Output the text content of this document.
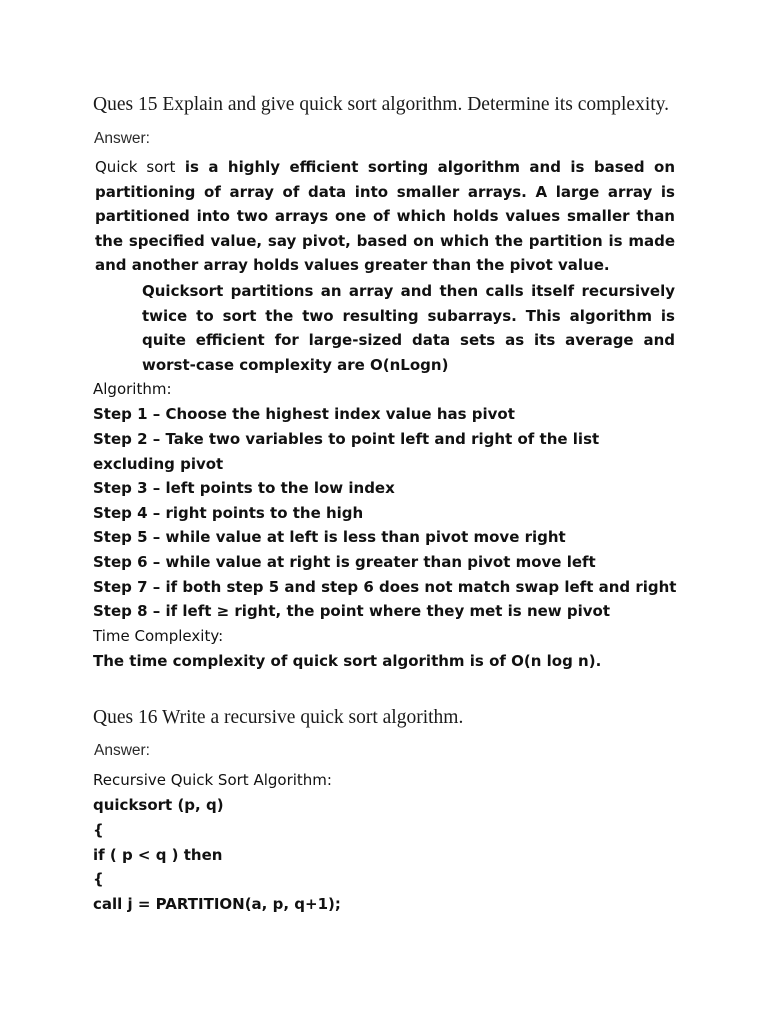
Ques 15 Explain and give quick sort algorithm. Determine its complexity.
Answer:
Quick sort is a highly efficient sorting algorithm and is based on partitioning of array of data into smaller arrays. A large array is partitioned into two arrays one of which holds values smaller than the specified value, say pivot, based on which the partition is made and another array holds values greater than the pivot value.
Quicksort partitions an array and then calls itself recursively twice to sort the two resulting subarrays. This algorithm is quite efficient for large-sized data sets as its average and worst-case complexity are O(nLogn)
Algorithm:
Step 1 – Choose the highest index value has pivot
Step 2 – Take two variables to point left and right of the list
excluding pivot
Step 3 – left points to the low index
Step 4 – right points to the high
Step 5 – while value at left is less than pivot move right
Step 6 – while value at right is greater than pivot move left
Step 7 – if both step 5 and step 6 does not match swap left and right
Step 8 – if left ≥ right, the point where they met is new pivot
Time Complexity:
The time complexity of quick sort algorithm is of O(n log n).
Ques 16 Write a recursive quick sort algorithm.
Answer:
Recursive Quick Sort Algorithm:
quicksort (p, q)
{
if ( p < q ) then
{
call j = PARTITION(a, p, q+1);
